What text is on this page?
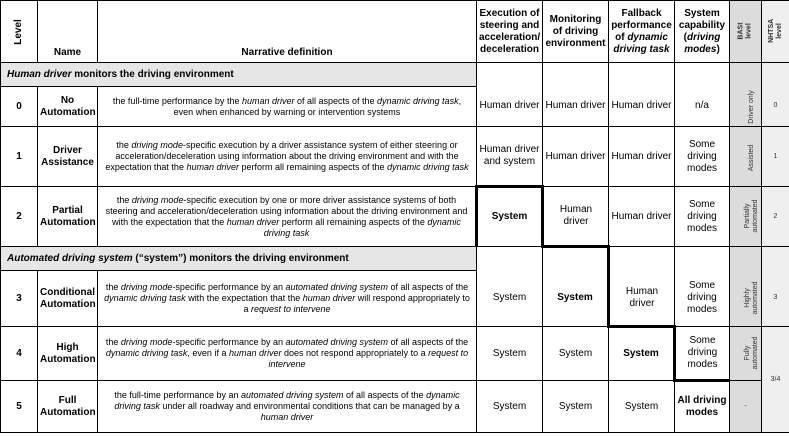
Level	Name	Narrative definition	Execution of steering and acceleration/ deceleration	Monitoring of driving environment	Fallback performance of dynamic driving task	System capability (driving modes)	BASt level	NHTSA level
Human driver monitors the driving environment								
0	No Automation	the full-time performance by the human driver of all aspects of the dynamic driving task, even when enhanced by warning or intervention systems	Human driver	Human driver	Human driver	n/a	Driver only	0
1	Driver Assistance	the driving mode-specific execution by a driver assistance system of either steering or acceleration/deceleration using information about the driving environment and with the expectation that the human driver perform all remaining aspects of the dynamic driving task	Human driver and system	Human driver	Human driver	Some driving modes	Assisted	1
2	Partial Automation	the driving mode-specific execution by one or more driver assistance systems of both steering and acceleration/deceleration using information about the driving environment and with the expectation that the human driver perform all remaining aspects of the dynamic driving task	System	Human driver	Human driver	Some driving modes	Partially automated	2
Automated driving system (“system”) monitors the driving environment								
3	Conditional Automation	the driving mode-specific performance by an automated driving system of all aspects of the dynamic driving task with the expectation that the human driver will respond appropriately to a request to intervene	System	System	Human driver	Some driving modes	Highly automated	3
4	High Automation	the driving mode-specific performance by an automated driving system of all aspects of the dynamic driving task, even if a human driver does not respond appropriately to a request to intervene	System	System	System	Some driving modes	Fully automated	3/4
5	Full Automation	the full-time performance by an automated driving system of all aspects of the dynamic driving task under all roadway and environmental conditions that can be managed by a human driver	System	System	System	All driving modes	-	
